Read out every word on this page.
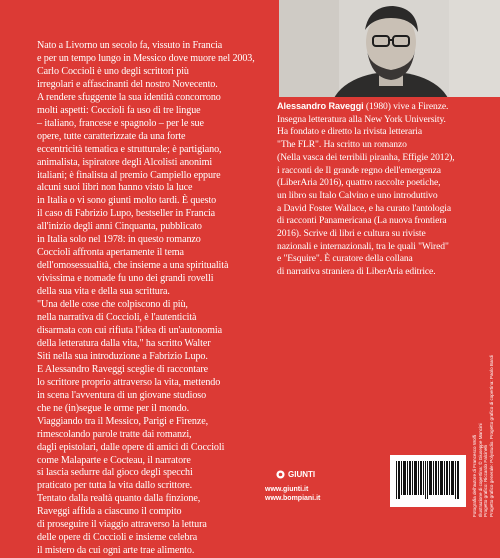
Nato a Livorno un secolo fa, vissuto in Francia

e per un tempo lungo in Messico dove muore nel 2003,

Carlo Coccioli è uno degli scrittori più

irregolari e affascinanti del nostro Novecento.

A rendere sfuggente la sua identità concorrono

molti aspetti: Coccioli fa uso di tre lingue

– italiano, francese e spagnolo – per le sue

opere, tutte caratterizzate da una forte

eccentricità tematica e strutturale; è partigiano,

animalista, ispiratore degli Alcolisti anonimi

italiani; è finalista al premio Campiello eppure

alcuni suoi libri non hanno visto la luce

in Italia o vi sono giunti molto tardi. È questo

il caso di Fabrizio Lupo, bestseller in Francia

all'inizio degli anni Cinquanta, pubblicato

in Italia solo nel 1978: in questo romanzo

Coccioli affronta apertamente il tema

dell'omosessualità, che insieme a una spiritualità

vivissima e nomade fu uno dei grandi rovelli

della sua vita e della sua scrittura.

"Una delle cose che colpiscono di più,

nella narrativa di Coccioli, è l'autenticità

disarmata con cui rifiuta l'idea di un'autonomia

della letteratura dalla vita," ha scritto Walter

Siti nella sua introduzione a Fabrizio Lupo.

E Alessandro Raveggi sceglie di raccontare

lo scrittore proprio attraverso la vita, mettendo

in scena l'avventura di un giovane studioso

che ne (in)segue le orme per il mondo.

Viaggiando tra il Messico, Parigi e Firenze,

rimescolando parole tratte dai romanzi,

dagli epistolari, dalle opere di amici di Coccioli

come Malaparte e Cocteau, il narratore

si lascia sedurre dal gioco degli specchi

praticato per tutta la vita dallo scrittore.

Tentato dalla realtà quanto dalla finzione,

Raveggi affida a ciascuno il compito

di proseguire il viaggio attraverso la lettura

delle opere di Coccioli e insieme celebra

il mistero da cui ogni arte trae alimento.

Alessandro Raveggi (1980) vive a Firenze.

Insegna letteratura alla New York University.

Ha fondato e diretto la rivista letteraria

"The FLR". Ha scritto un romanzo

(Nella vasca dei terribili piranha, Effigie 2012),

i racconti de Il grande regno dell'emergenza

(LiberAria 2016), quattro raccolte poetiche,

un libro su Italo Calvino e uno introduttivo

a David Foster Wallace, e ha curato l'antologia

di racconti Panamericana (La nuova frontiera

2016). Scrive di libri e cultura su riviste

nazionali e internazionali, tra le quali "Wired"

e "Esquire". È curatore della collana

di narrativa straniera di LiberAria editrice.

Fotografia dell'autore di Francesco Wolfi Illustrazione di copertina: © Giuseppe Mancini Progetto grafico: Riccardo Falcinelli Progetto grafico generale: Polystudio. Progetto grafico di copertina: Paolo Bardi

GIUNTI

www.giunti.it

www.bompiani.it
